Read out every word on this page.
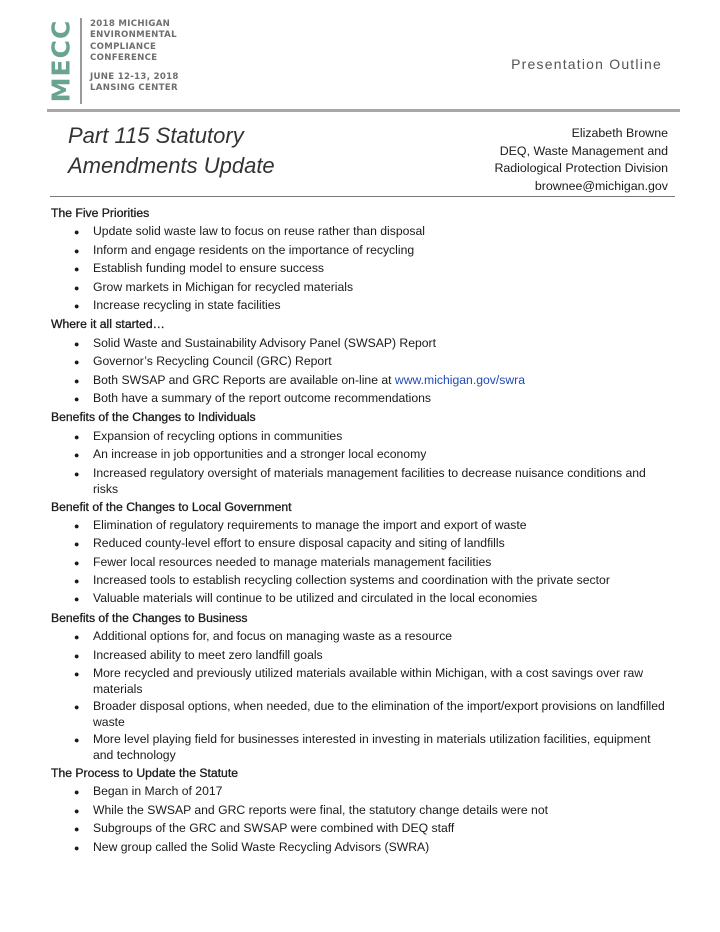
MECC 2018 MICHIGAN
ENVIRONMENTAL
COMPLIANCE
CONFERENCE
JUNE 12-13, 2018
LANSING CENTER
Presentation Outline
Part 115 Statutory
Amendments Update
Elizabeth Browne
DEQ, Waste Management and
Radiological Protection Division
brownee@michigan.gov
The Five Priorities
● Update solid waste law to focus on reuse rather than disposal
● Inform and engage residents on the importance of recycling
● Establish funding model to ensure success
● Grow markets in Michigan for recycled materials
● Increase recycling in state facilities
Where it all started…
● Solid Waste and Sustainability Advisory Panel (SWSAP) Report
● Governor’s Recycling Council (GRC) Report
● Both SWSAP and GRC Reports are available on-line at www.michigan.gov/swra
● Both have a summary of the report outcome recommendations
Benefits of the Changes to Individuals
● Expansion of recycling options in communities
● An increase in job opportunities and a stronger local economy
● Increased regulatory oversight of materials management facilities to decrease nuisance conditions and risks
Benefit of the Changes to Local Government
● Elimination of regulatory requirements to manage the import and export of waste
● Reduced county-level effort to ensure disposal capacity and siting of landfills
● Fewer local resources needed to manage materials management facilities
● Increased tools to establish recycling collection systems and coordination with the private sector
● Valuable materials will continue to be utilized and circulated in the local economies
Benefits of the Changes to Business
● Additional options for, and focus on managing waste as a resource
● Increased ability to meet zero landfill goals
● More recycled and previously utilized materials available within Michigan, with a cost savings over raw materials
● Broader disposal options, when needed, due to the elimination of the import/export provisions on landfilled waste
● More level playing field for businesses interested in investing in materials utilization facilities, equipment and technology
The Process to Update the Statute
● Began in March of 2017
● While the SWSAP and GRC reports were final, the statutory change details were not
● Subgroups of the GRC and SWSAP were combined with DEQ staff
● New group called the Solid Waste Recycling Advisors (SWRA)
